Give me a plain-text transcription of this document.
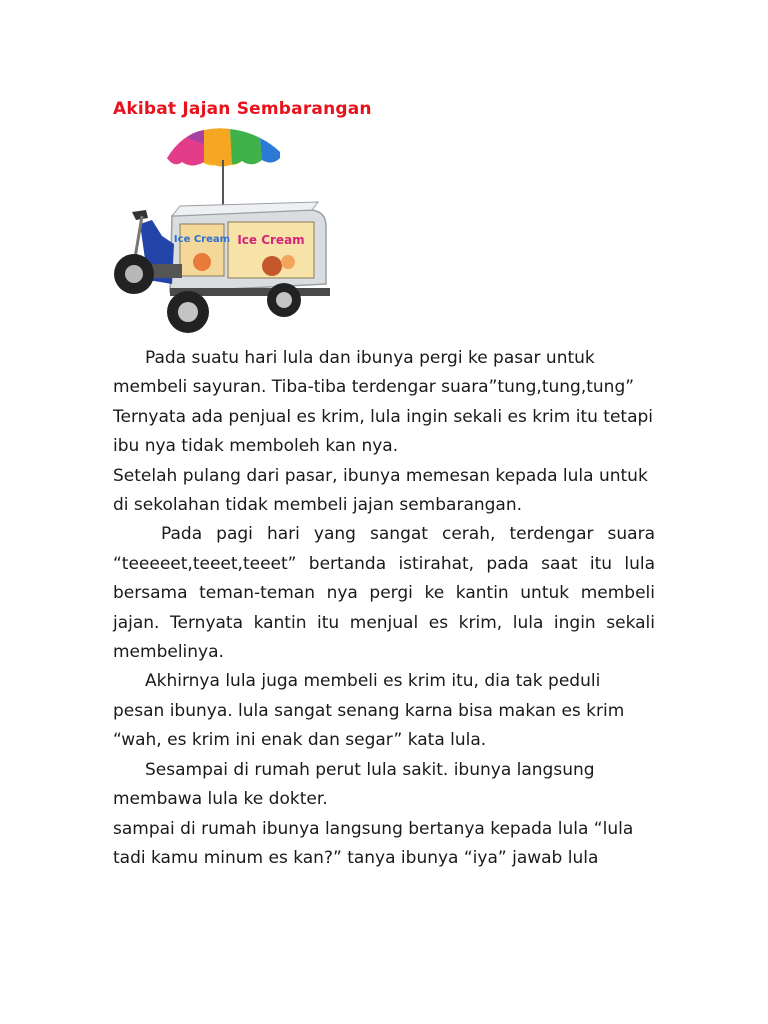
Akibat Jajan Sembarangan
Ice Cream Ice Cream

Pada suatu hari lula dan ibunya pergi ke pasar untuk membeli sayuran. Tiba-tiba terdengar suara”tung,tung,tung” Ternyata ada penjual es krim, lula ingin sekali es krim itu tetapi ibu nya tidak memboleh kan nya.

Setelah pulang dari pasar, ibunya memesan kepada lula untuk di sekolahan tidak membeli jajan sembarangan.

Pada pagi hari yang sangat cerah, terdengar suara “teeeeet,teeet,teeet” bertanda istirahat, pada saat itu lula bersama teman-teman nya pergi ke kantin untuk membeli jajan. Ternyata kantin itu menjual es krim, lula ingin sekali membelinya.

Akhirnya lula juga membeli es krim itu, dia tak peduli pesan ibunya. lula sangat senang karna bisa makan es krim “wah, es krim ini enak dan segar” kata lula.

Sesampai di rumah perut lula sakit. ibunya langsung membawa lula ke dokter.

sampai di rumah ibunya langsung bertanya kepada lula “lula tadi kamu minum es kan?” tanya ibunya “iya” jawab lula
